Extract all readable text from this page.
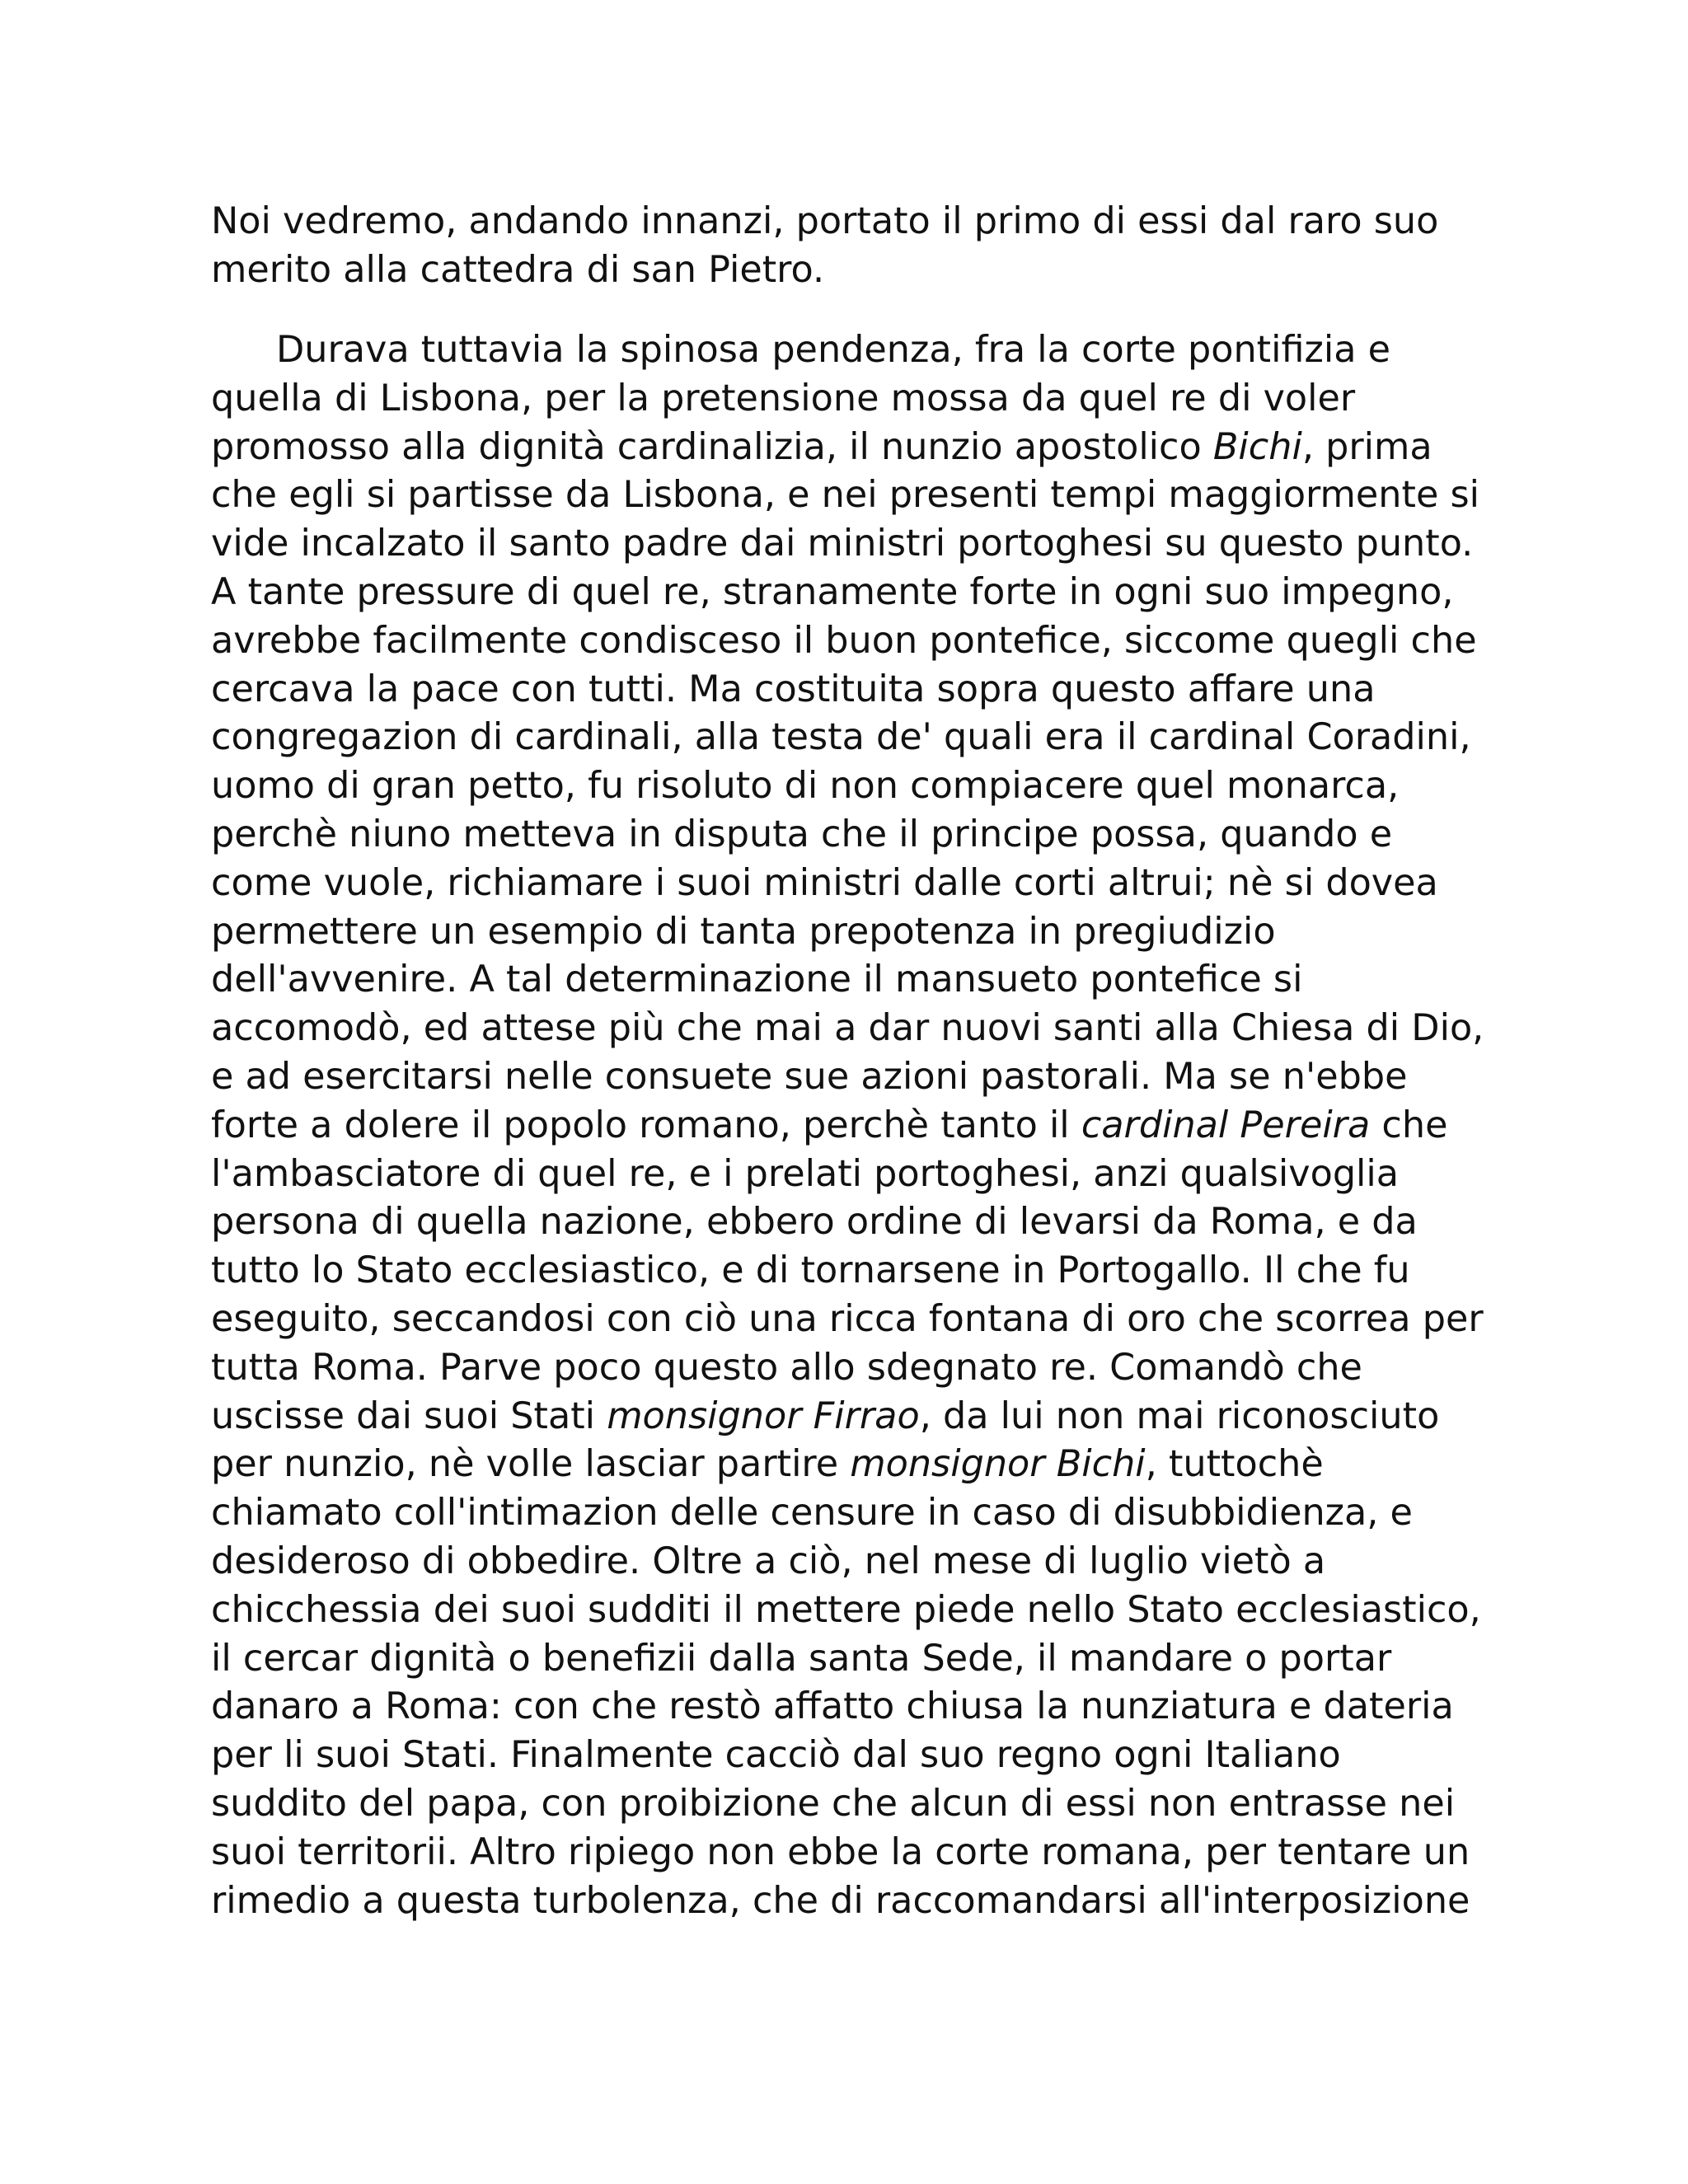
Noi vedremo, andando innanzi, portato il primo di essi dal raro suo
merito alla cattedra di san Pietro.
Durava tuttavia la spinosa pendenza, fra la corte pontifizia e
quella di Lisbona, per la pretensione mossa da quel re di voler
promosso alla dignità cardinalizia, il nunzio apostolico Bichi, prima
che egli si partisse da Lisbona, e nei presenti tempi maggiormente si
vide incalzato il santo padre dai ministri portoghesi su questo punto.
A tante pressure di quel re, stranamente forte in ogni suo impegno,
avrebbe facilmente condisceso il buon pontefice, siccome quegli che
cercava la pace con tutti. Ma costituita sopra questo affare una
congregazion di cardinali, alla testa de' quali era il cardinal Coradini,
uomo di gran petto, fu risoluto di non compiacere quel monarca,
perchè niuno metteva in disputa che il principe possa, quando e
come vuole, richiamare i suoi ministri dalle corti altrui; nè si dovea
permettere un esempio di tanta prepotenza in pregiudizio
dell'avvenire. A tal determinazione il mansueto pontefice si
accomodò, ed attese più che mai a dar nuovi santi alla Chiesa di Dio,
e ad esercitarsi nelle consuete sue azioni pastorali. Ma se n'ebbe
forte a dolere il popolo romano, perchè tanto il cardinal Pereira che
l'ambasciatore di quel re, e i prelati portoghesi, anzi qualsivoglia
persona di quella nazione, ebbero ordine di levarsi da Roma, e da
tutto lo Stato ecclesiastico, e di tornarsene in Portogallo. Il che fu
eseguito, seccandosi con ciò una ricca fontana di oro che scorrea per
tutta Roma. Parve poco questo allo sdegnato re. Comandò che
uscisse dai suoi Stati monsignor Firrao, da lui non mai riconosciuto
per nunzio, nè volle lasciar partire monsignor Bichi, tuttochè
chiamato coll'intimazion delle censure in caso di disubbidienza, e
desideroso di obbedire. Oltre a ciò, nel mese di luglio vietò a
chicchessia dei suoi sudditi il mettere piede nello Stato ecclesiastico,
il cercar dignità o benefizii dalla santa Sede, il mandare o portar
danaro a Roma: con che restò affatto chiusa la nunziatura e dateria
per li suoi Stati. Finalmente cacciò dal suo regno ogni Italiano
suddito del papa, con proibizione che alcun di essi non entrasse nei
suoi territorii. Altro ripiego non ebbe la corte romana, per tentare un
rimedio a questa turbolenza, che di raccomandarsi all'interposizione
